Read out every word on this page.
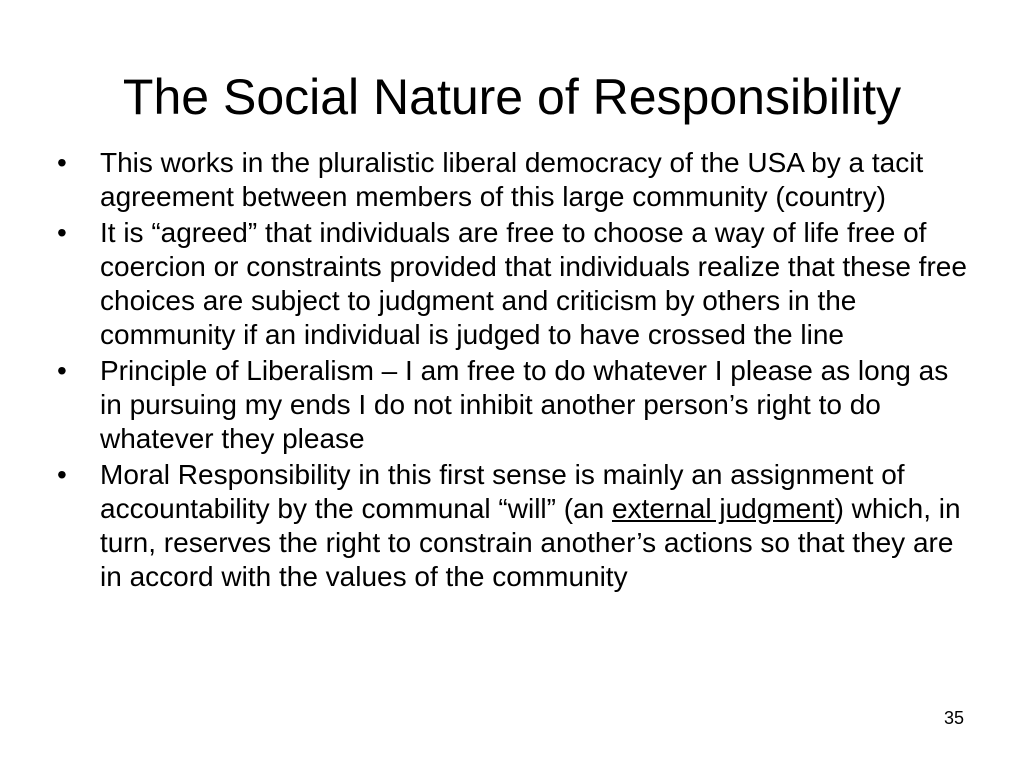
The Social Nature of Responsibility
•	This works in the pluralistic liberal democracy of the USA by a tacit agreement between members of this large community (country)
•	It is “agreed” that individuals are free to choose a way of life free of coercion or constraints provided that individuals realize that these free choices are subject to judgment and criticism by others in the community if an individual is judged to have crossed the line
•	Principle of Liberalism – I am free to do whatever I please as long as in pursuing my ends I do not inhibit another person’s right to do whatever they please
•	Moral Responsibility in this first sense is mainly an assignment of accountability by the communal “will” (an external judgment) which, in turn, reserves the right to constrain another’s actions so that they are in accord with the values of the community
35
